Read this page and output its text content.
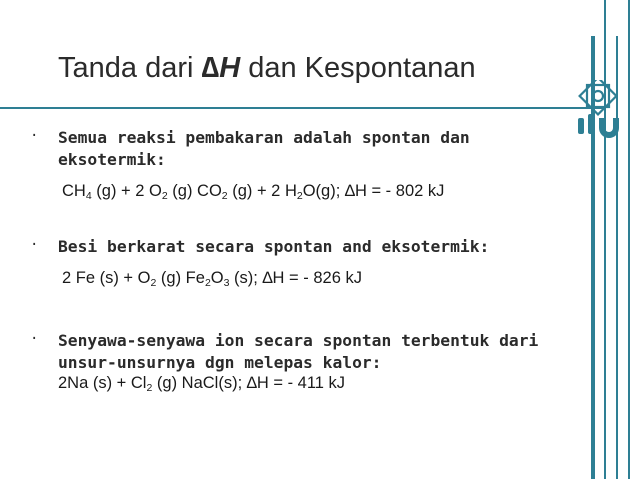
Tanda dari ∆H dan Kespontanan
· Semua reaksi pembakaran adalah spontan dan
eksotermik:
$CH_4$ (g) + 2 $O_2$ (g) $CO_2$ (g) + 2 $H_2O(g)$; ∆H = - 802 kJ
· Besi berkarat secara spontan and eksotermik:
2 Fe $(s) + O_2$ (g) $Fe_2O_3$ (s); ∆H = - 826 kJ
· Senyawa-senyawa ion secara spontan terbentuk dari
unsur-unsurnya dgn melepas kalor:
2Na $(s) + Cl_2$ (g) NaCl(s); ∆H = - 411 kJ
